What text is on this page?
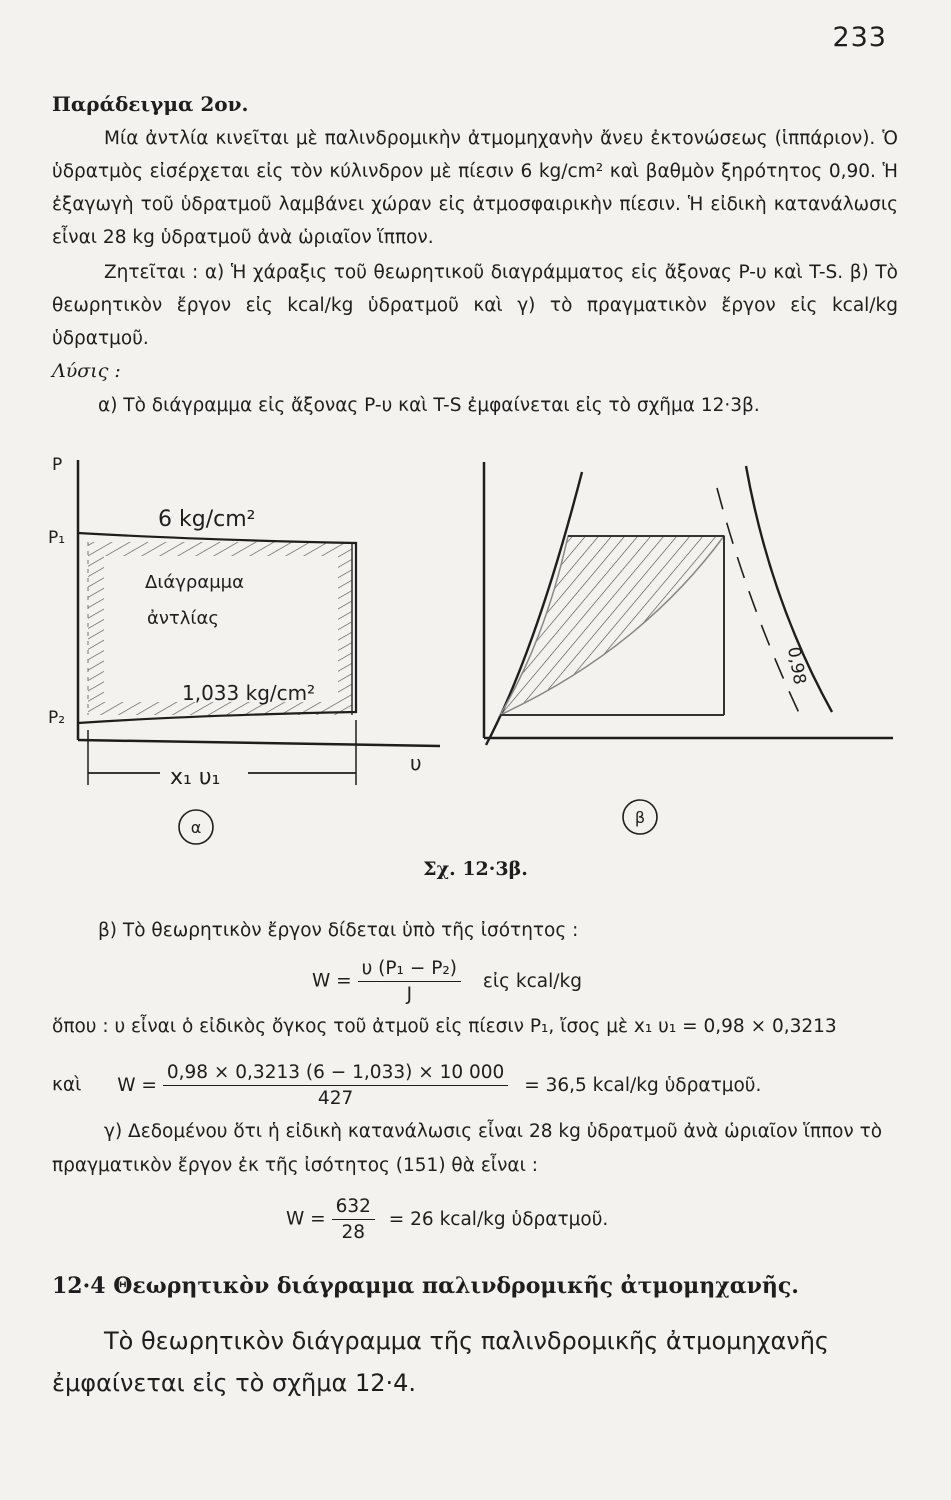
233
Παράδειγμα 2ον.

Μία ἀντλία κινεῖται μὲ παλινδρομικὴν ἀτμομηχανὴν ἄνευ ἐκτονώσεως (ἱππάριον). Ὁ ὑδρατμὸς εἰσέρχεται εἰς τὸν κύλινδρον μὲ πίεσιν 6 kg/cm² καὶ βαθμὸν ξηρότητος 0,90. Ἡ ἐξαγωγὴ τοῦ ὑδρατμοῦ λαμβάνει χώραν εἰς ἀτμοσφαιρικὴν πίεσιν. Ἡ εἰδικὴ κατανάλωσις εἶναι 28 kg ὑδρατμοῦ ἀνὰ ὡριαῖον ἵππον.

Ζητεῖται : α) Ἡ χάραξις τοῦ θεωρητικοῦ διαγράμματος εἰς ἄξονας P-υ καὶ T-S. β) Τὸ θεωρητικὸν ἔργον εἰς kcal/kg ὑδρατμοῦ καὶ γ) τὸ πραγματικὸν ἔργον εἰς kcal/kg ὑδρατμοῦ.

Λύσις :
α) Τὸ διάγραμμα εἰς ἄξονας P-υ καὶ T-S ἐμφαίνεται εἰς τὸ σχῆμα 12·3β.
P
P₁
P₂
6 kg/cm²
Διάγραμμα
ἀντλίας
1,033 kg/cm²
x₁ υ₁
υ
α
0,98
β
Σχ. 12·3β.
β) Τὸ θεωρητικὸν ἔργον δίδεται ὑπὸ τῆς ἰσότητος :
$W = \frac{\text{υ (P₁ − P₂)}}{J}$ εἰς kcal/kg
ὅπου : υ εἶναι ὁ εἰδικὸς ὄγκος τοῦ ἀτμοῦ εἰς πίεσιν P₁, ἴσος μὲ x₁ υ₁ = 0,98 × 0,3213
καὶ $W = \frac{0,98 \times 0,3213 (6 - 1,033) \times 10 000}{427} = 36,5$ kcal/kg ὑδρατμοῦ.

γ) Δεδομένου ὅτι ἡ εἰδικὴ κατανάλωσις εἶναι 28 kg ὑδρατμοῦ ἀνὰ ὡριαῖον ἵππον τὸ πραγματικὸν ἔργον ἐκ τῆς ἰσότητος (151) θὰ εἶναι :

$W = \frac{632}{28} = 26$ kcal/kg ὑδρατμοῦ.
12·4 Θεωρητικὸν διάγραμμα παλινδρομικῆς ἀτμομηχανῆς.

Τὸ θεωρητικὸν διάγραμμα τῆς παλινδρομικῆς ἀτμομηχανῆς ἐμφαίνεται εἰς τὸ σχῆμα 12·4.
